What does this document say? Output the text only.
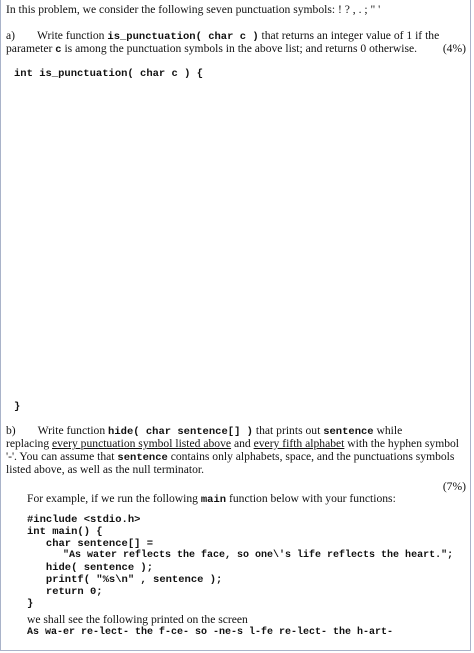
In this problem, we consider the following seven punctuation symbols: ! ? , . ; " '

a) Write function is_punctuation( char c ) that returns an integer value of 1 if the

parameter c is among the punctuation symbols in the above list; and returns 0 otherwise. (4%)

int is_punctuation( char c ) {

}

b) Write function hide( char sentence[] ) that prints out sentence while

replacing every punctuation symbol listed above and every fifth alphabet with the hyphen symbol

'-'. You can assume that sentence contains only alphabets, space, and the punctuations symbols

listed above, as well as the null terminator.

(7%)

For example, if we run the following main function below with your functions:

#include <stdio.h>

int main() {

char sentence[] =

"As water reflects the face, so one\'s life reflects the heart.";

hide( sentence );

printf( "%s\n" , sentence );

return 0;

}

we shall see the following printed on the screen

As wa-er re-lect- the f-ce- so -ne-s l-fe re-lect- the h-art-
